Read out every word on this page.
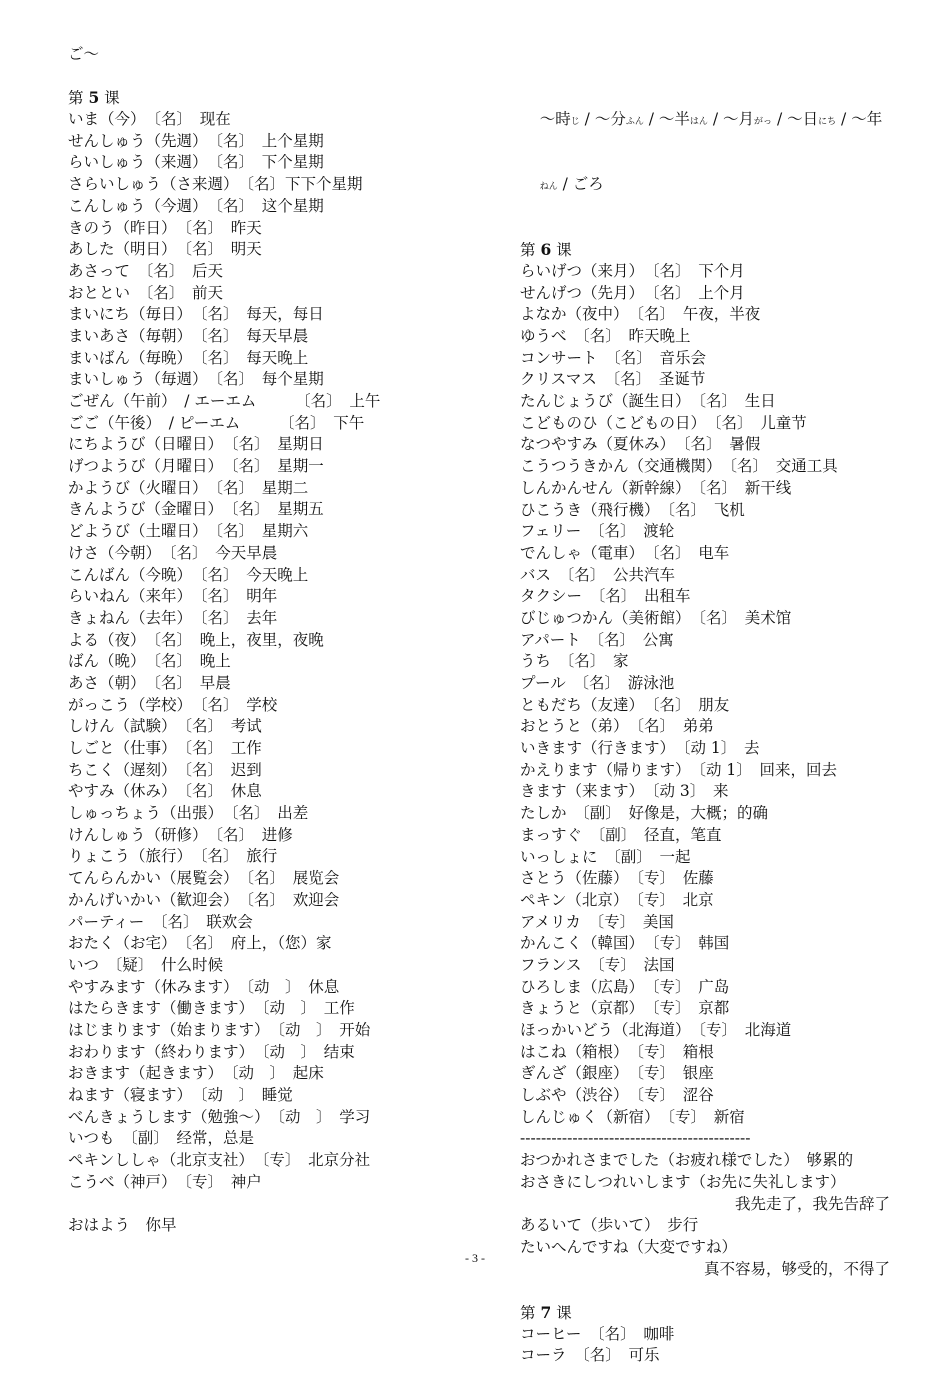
ご～
第 5 课
いま（今）　〔名〕　现在
せんしゅう（先週）　〔名〕　上个星期
らいしゅう（来週）　〔名〕　下个星期
さらいしゅう（さ来週）　〔名〕下下个星期
こんしゅう（今週）　〔名〕　这个星期
きのう（昨日）　〔名〕　昨天
あした（明日）　〔名〕　明天
あさって　〔名〕　后天
おととい　〔名〕　前天
まいにち（毎日）　〔名〕　每天，每日
まいあさ（毎朝）　〔名〕　每天早晨
まいばん（毎晩）　〔名〕　每天晚上
まいしゅう（毎週）　〔名〕　每个星期
ごぜん（午前）　/ エーエム　　　〔名〕　上午
ごご（午後）　/ ピーエム　　　〔名〕　下午
にちようび（日曜日）　〔名〕　星期日
げつようび（月曜日）　〔名〕　星期一
かようび（火曜日）　〔名〕　星期二
きんようび（金曜日）　〔名〕　星期五
どようび（土曜日）　〔名〕　星期六
けさ（今朝）　〔名〕　今天早晨
こんばん（今晩）　〔名〕　今天晚上
らいねん（来年）　〔名〕　明年
きょねん（去年）　〔名〕　去年
よる（夜）　〔名〕　晚上，夜里，夜晚
ばん（晩）　〔名〕　晚上
あさ（朝）　〔名〕　早晨
がっこう（学校）　〔名〕　学校
しけん（試験）　〔名〕　考试
しごと（仕事）　〔名〕　工作
ちこく（遅刻）　〔名〕　迟到
やすみ（休み）　〔名〕　休息
しゅっちょう（出張）　〔名〕　出差
けんしゅう（研修）　〔名〕　进修
りょこう（旅行）　〔名〕　旅行
てんらんかい（展覧会）　〔名〕　展览会
かんげいかい（歓迎会）　〔名〕　欢迎会
パーティー　〔名〕　联欢会
おたく（お宅）　〔名〕　府上，（您）家
いつ　〔疑〕　什么时候
やすみます（休みます）　〔动　〕　休息
はたらきます（働きます）　〔动　〕　工作
はじまります（始まります）　〔动　〕　开始
おわります（終わります）　〔动　〕　结束
おきます（起きます）　〔动　〕　起床
ねます（寝ます）　〔动　〕　睡觉
べんきょうします（勉強～）　〔动　〕　学习
いつも　〔副〕　经常，总是
ペキンししゃ（北京支社）　〔专〕　北京分社
こうべ（神戸）　〔专〕　神户
おはよう　你早

～時じ / ～分ふん / ～半はん / ～月がっ / ～日にち / ～年

ねん / ごろ

第 6 课
らいげつ（来月）　〔名〕　下个月
せんげつ（先月）　〔名〕　上个月
よなか（夜中）　〔名〕　午夜，半夜
ゆうべ　〔名〕　昨天晚上
コンサート　〔名〕　音乐会
クリスマス　〔名〕　圣诞节
たんじょうび（誕生日）　〔名〕　生日
こどものひ（こどもの日）　〔名〕　儿童节
なつやすみ（夏休み）　〔名〕　暑假
こうつうきかん（交通機関）　〔名〕　交通工具
しんかんせん（新幹線）　〔名〕　新干线
ひこうき（飛行機）　〔名〕　飞机
フェリー　〔名〕　渡轮
でんしゃ（電車）　〔名〕　电车
バス　〔名〕　公共汽车
タクシー　〔名〕　出租车
びじゅつかん（美術館）　〔名〕　美术馆
アパート　〔名〕　公寓
うち　〔名〕　家
プール　〔名〕　游泳池
ともだち（友達）　〔名〕　朋友
おとうと（弟）　〔名〕　弟弟
いきます（行きます）　〔动 1〕　去
かえります（帰ります）　〔动 1〕　回来，回去
きます（来ます）　〔动 3〕　来
たしか　〔副〕　好像是，大概；的确
まっすぐ　〔副〕　径直，笔直
いっしょに　〔副〕　一起
さとう（佐藤）　〔专〕　佐藤
ペキン（北京）　〔专〕　北京
アメリカ　〔专〕　美国
かんこく（韓国）　〔专〕　韩国
フランス　〔专〕　法国
ひろしま（広島）　〔专〕　广岛
きょうと（京都）　〔专〕　京都
ほっかいどう（北海道）　〔专〕　北海道
はこね（箱根）　〔专〕　箱根
ぎんざ（銀座）　〔专〕　银座
しぶや（渋谷）　〔专〕　涩谷
しんじゅく（新宿）　〔专〕　新宿
--------------------------------------------
おつかれさまでした（お疲れ様でした）　够累的
おさきにしつれいします（お先に失礼します）
我先走了，我先告辞了
あるいて（歩いて）　步行
たいへんですね（大変ですね）
真不容易，够受的，不得了
第 7 课
コーヒー　〔名〕　咖啡
コーラ　〔名〕　可乐

- 3 -
